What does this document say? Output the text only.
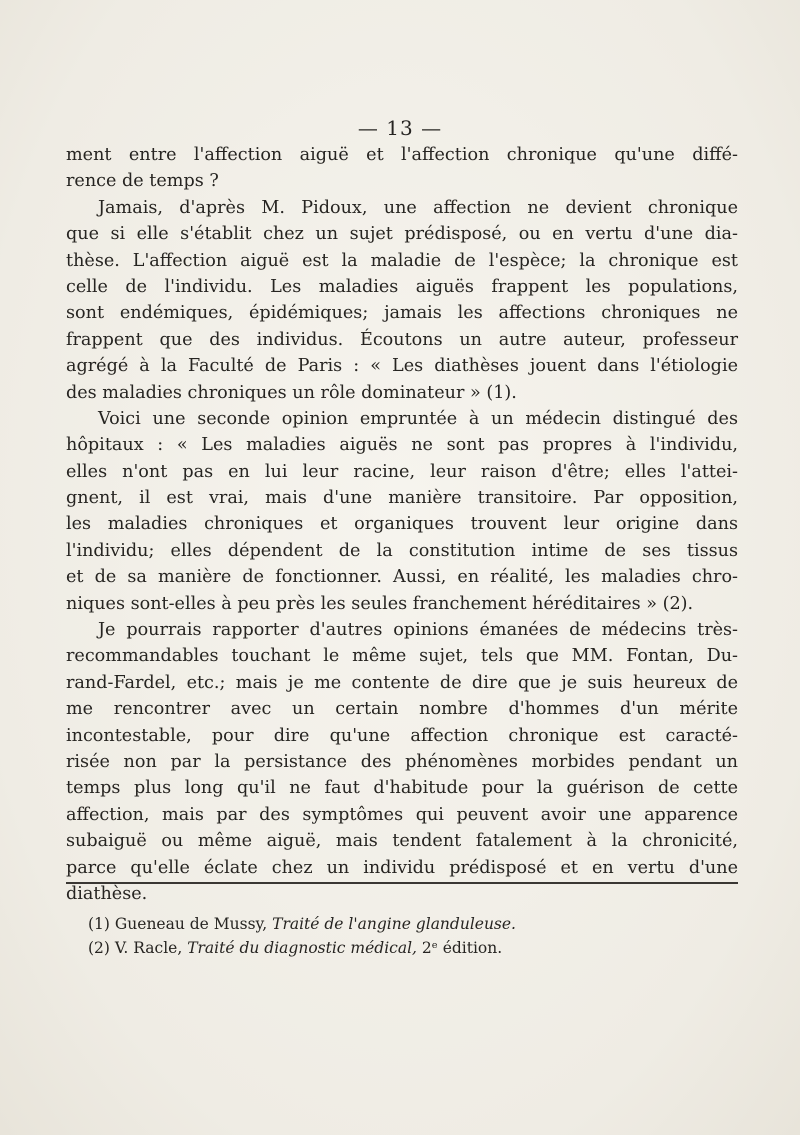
— 13 —
ment entre l'affection aiguë et l'affection chronique qu'une diffé-
rence de temps ?
Jamais, d'après M. Pidoux, une affection ne devient chronique
que si elle s'établit chez un sujet prédisposé, ou en vertu d'une dia-
thèse. L'affection aiguë est la maladie de l'espèce; la chronique est
celle de l'individu. Les maladies aiguës frappent les populations,
sont endémiques, épidémiques; jamais les affections chroniques ne
frappent que des individus. Écoutons un autre auteur, professeur
agrégé à la Faculté de Paris : « Les diathèses jouent dans l'étiologie
des maladies chroniques un rôle dominateur » (1).
Voici une seconde opinion empruntée à un médecin distingué des
hôpitaux : « Les maladies aiguës ne sont pas propres à l'individu,
elles n'ont pas en lui leur racine, leur raison d'être; elles l'attei-
gnent, il est vrai, mais d'une manière transitoire. Par opposition,
les maladies chroniques et organiques trouvent leur origine dans
l'individu; elles dépendent de la constitution intime de ses tissus
et de sa manière de fonctionner. Aussi, en réalité, les maladies chro-
niques sont-elles à peu près les seules franchement héréditaires » (2).
Je pourrais rapporter d'autres opinions émanées de médecins très-
recommandables touchant le même sujet, tels que MM. Fontan, Du-
rand-Fardel, etc.; mais je me contente de dire que je suis heureux de
me rencontrer avec un certain nombre d'hommes d'un mérite
incontestable, pour dire qu'une affection chronique est caracté-
risée non par la persistance des phénomènes morbides pendant un
temps plus long qu'il ne faut d'habitude pour la guérison de cette
affection, mais par des symptômes qui peuvent avoir une apparence
subaiguë ou même aiguë, mais tendent fatalement à la chronicité,
parce qu'elle éclate chez un individu prédisposé et en vertu d'une
diathèse.
(1) Gueneau de Mussy, Traité de l'angine glanduleuse.
(2) V. Racle, Traité du diagnostic médical, 2ᵉ édition.
